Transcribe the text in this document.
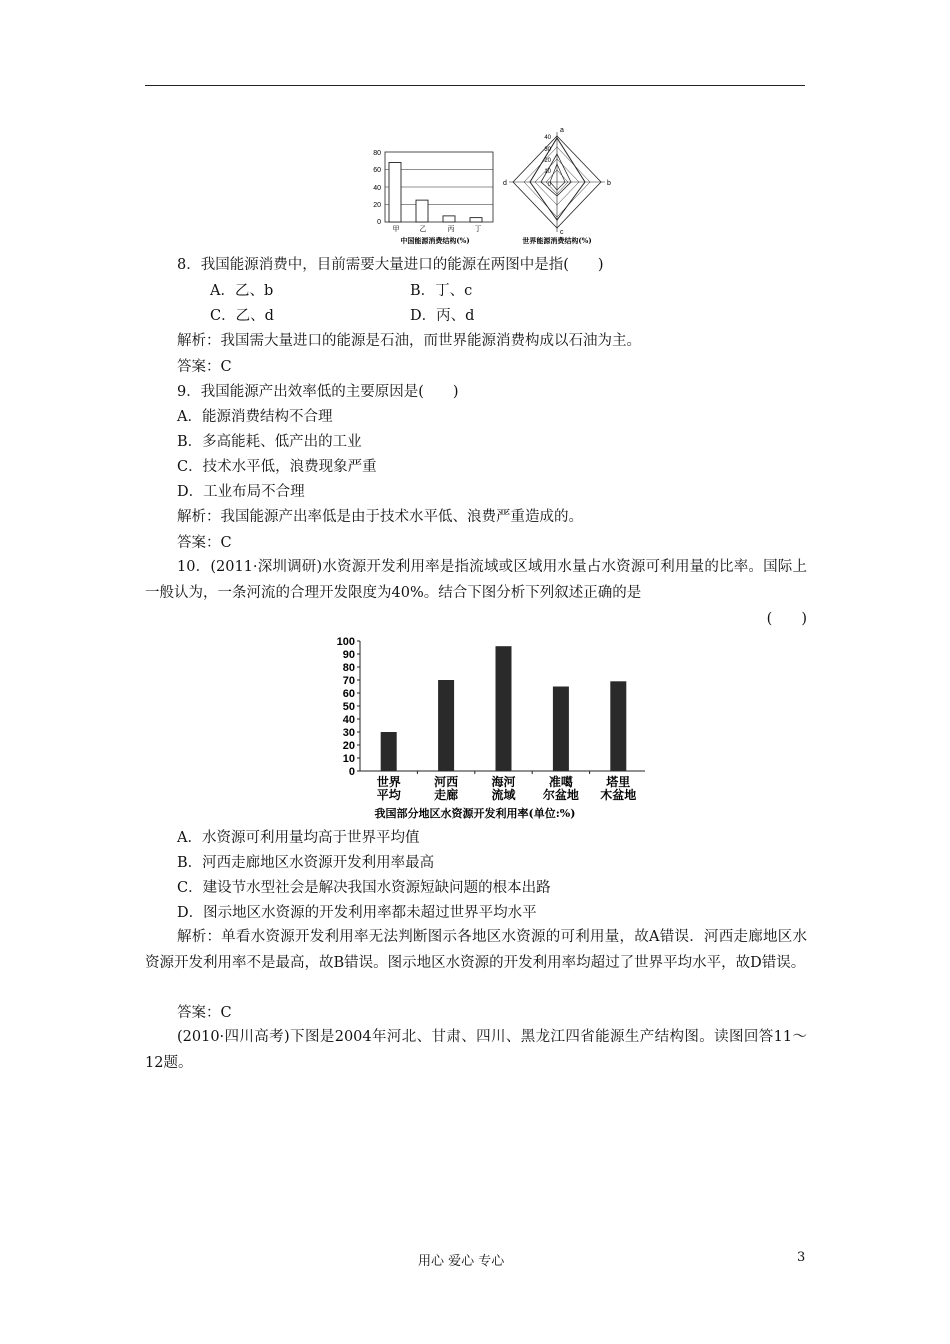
80
60
40
20
0
甲	乙	丙	丁
中国能源消费结构(%)
40
30
20
10
0
a
b
c
d
世界能源消费结构(%)
8．我国能源消费中，目前需要大量进口的能源在两图中是指(　　)
A．乙、b	B．丁、c
C．乙、d	D．丙、d
解析：我国需大量进口的能源是石油，而世界能源消费构成以石油为主。
答案：C
9．我国能源产出效率低的主要原因是(　　)
A．能源消费结构不合理
B．多高能耗、低产出的工业
C．技术水平低，浪费现象严重
D．工业布局不合理
解析：我国能源产出率低是由于技术水平低、浪费严重造成的。
答案：C
10．(2011·深圳调研)水资源开发利用率是指流域或区域用水量占水资源可利用量的比率。国际上一般认为，一条河流的合理开发限度为40%。结合下图分析下列叙述正确的是
(　　)
100
90
80
70
60
50
40
30
20
10
0
世界
平均
河西
走廊
海河
流域
准噶
尔盆地
塔里
木盆地
我国部分地区水资源开发利用率(单位:%)
A．水资源可利用量均高于世界平均值
B．河西走廊地区水资源开发利用率最高
C．建设节水型社会是解决我国水资源短缺问题的根本出路
D．图示地区水资源的开发利用率都未超过世界平均水平
解析：单看水资源开发利用率无法判断图示各地区水资源的可利用量，故A错误．河西走廊地区水资源开发利用率不是最高，故B错误。图示地区水资源的开发利用率均超过了世界平均水平，故D错误。
答案：C
(2010·四川高考)下图是2004年河北、甘肃、四川、黑龙江四省能源生产结构图。读图回答11～12题。
用心 爱心 专心	3
